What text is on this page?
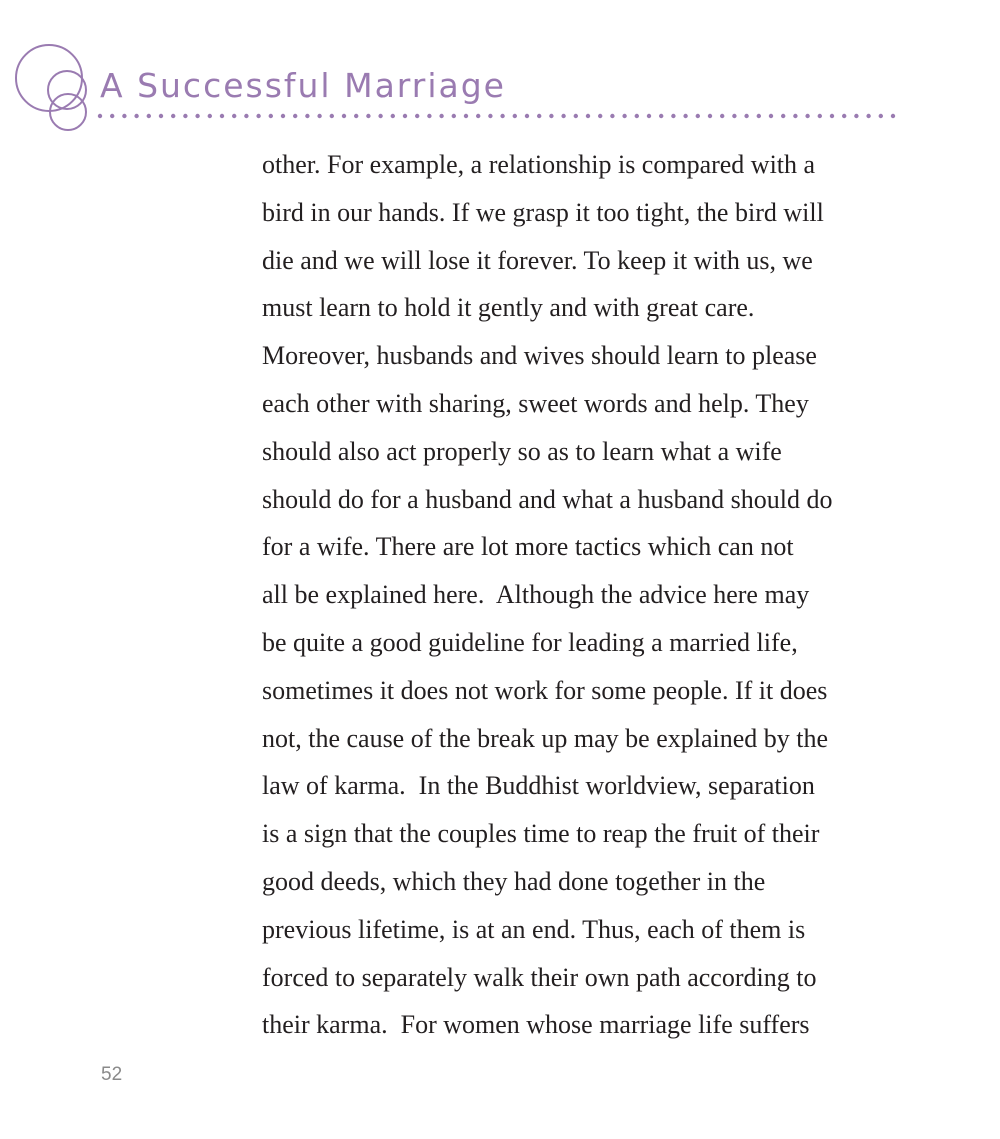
A Successful Marriage
other. For example, a relationship is compared with a
bird in our hands. If we grasp it too tight, the bird will
die and we will lose it forever. To keep it with us, we
must learn to hold it gently and with great care.
Moreover, husbands and wives should learn to please
each other with sharing, sweet words and help. They
should also act properly so as to learn what a wife
should do for a husband and what a husband should do
for a wife. There are lot more tactics which can not
all be explained here.  Although the advice here may
be quite a good guideline for leading a married life,
sometimes it does not work for some people. If it does
not, the cause of the break up may be explained by the
law of karma.  In the Buddhist worldview, separation
is a sign that the couples time to reap the fruit of their
good deeds, which they had done together in the
previous lifetime, is at an end. Thus, each of them is
forced to separately walk their own path according to
their karma.  For women whose marriage life suffers
52
